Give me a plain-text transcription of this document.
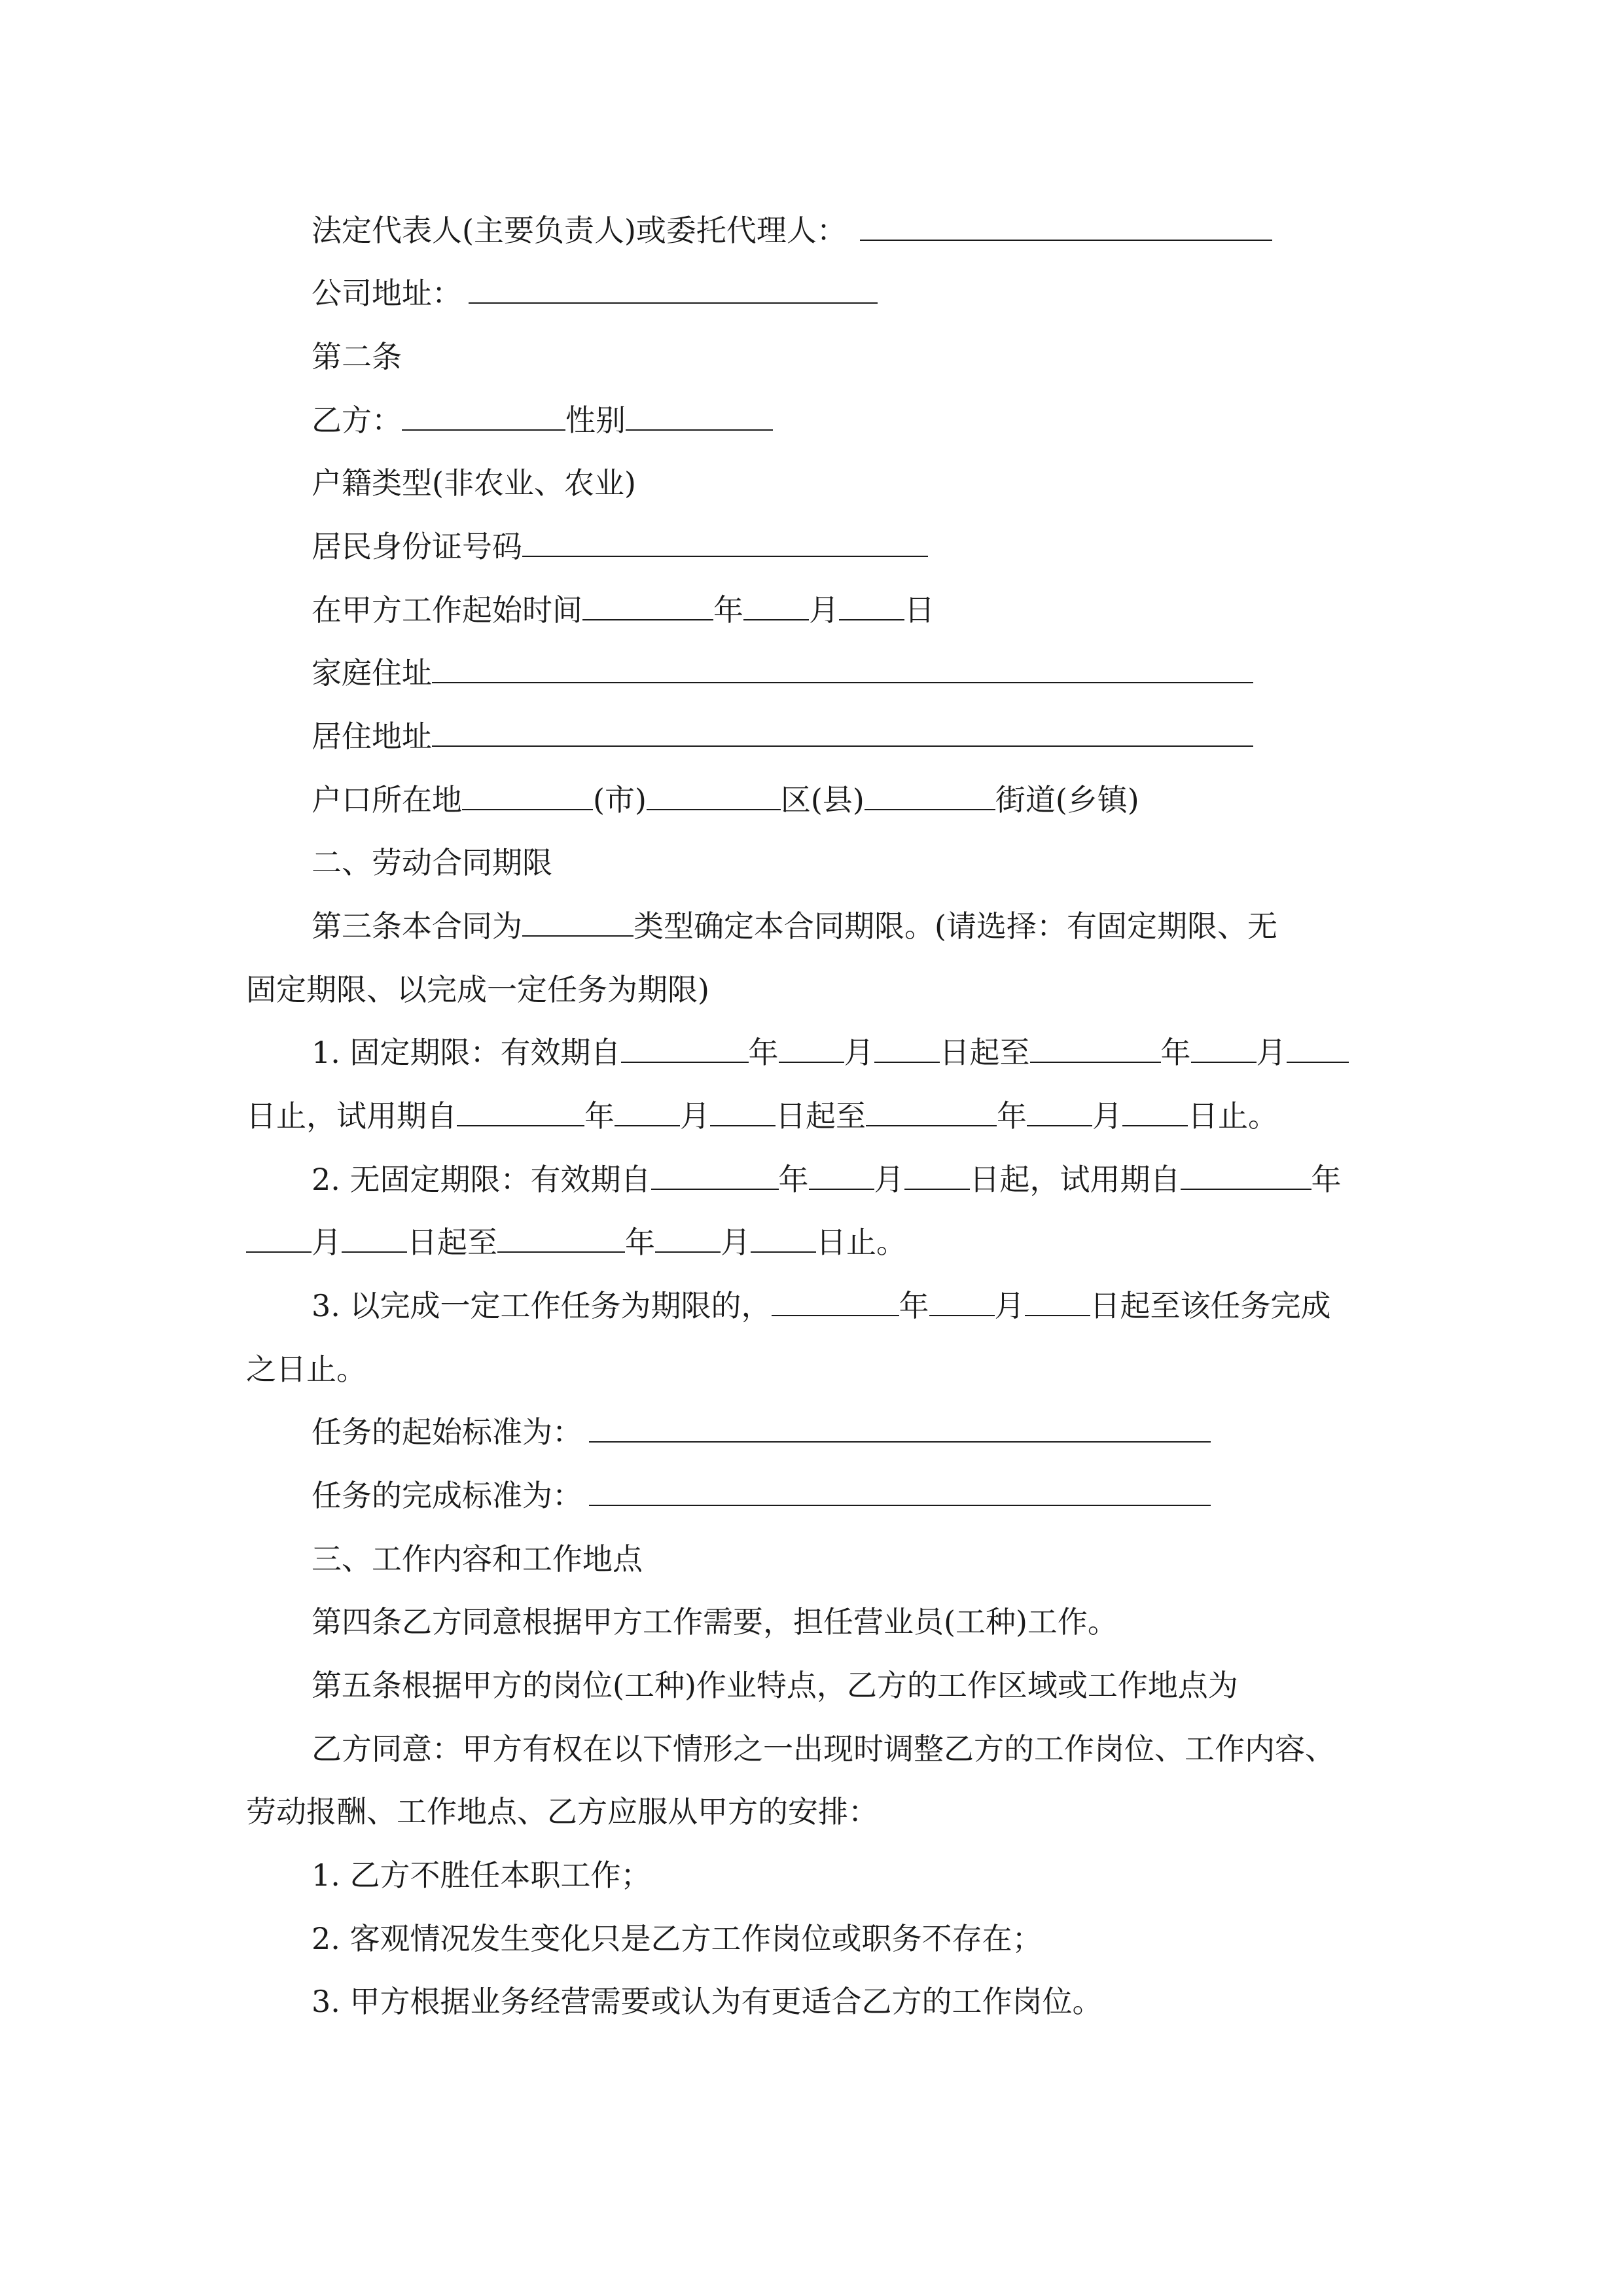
法定代表人(主要负责人)或委托代理人：
公司地址：
第二条
乙方：	性别
户籍类型(非农业、农业)
居民身份证号码
在甲方工作起始时间	年 月 日
家庭住址
居住地址
户口所在地	(市)	区(县)	街道(乡镇)
二、劳动合同期限
第三条本合同为	类型确定本合同期限。(请选择：有固定期限、无
固定期限、以完成一定任务为期限)
1. 固定期限：有效期自	年 月 日起至	年 月
日止，试用期自	年 月 日起至	年 月 日止。
2. 无固定期限：有效期自	年 月 日起，试用期自	年
月 日起至	年 月 日止。
3. 以完成一定工作任务为期限的，	年 月 日起至该任务完成
之日止。
任务的起始标准为：
任务的完成标准为：
三、工作内容和工作地点
第四条乙方同意根据甲方工作需要，担任营业员(工种)工作。
第五条根据甲方的岗位(工种)作业特点，乙方的工作区域或工作地点为
乙方同意：甲方有权在以下情形之一出现时调整乙方的工作岗位、工作内容、
劳动报酬、工作地点、乙方应服从甲方的安排：
1. 乙方不胜任本职工作；
2. 客观情况发生变化只是乙方工作岗位或职务不存在；
3. 甲方根据业务经营需要或认为有更适合乙方的工作岗位。
